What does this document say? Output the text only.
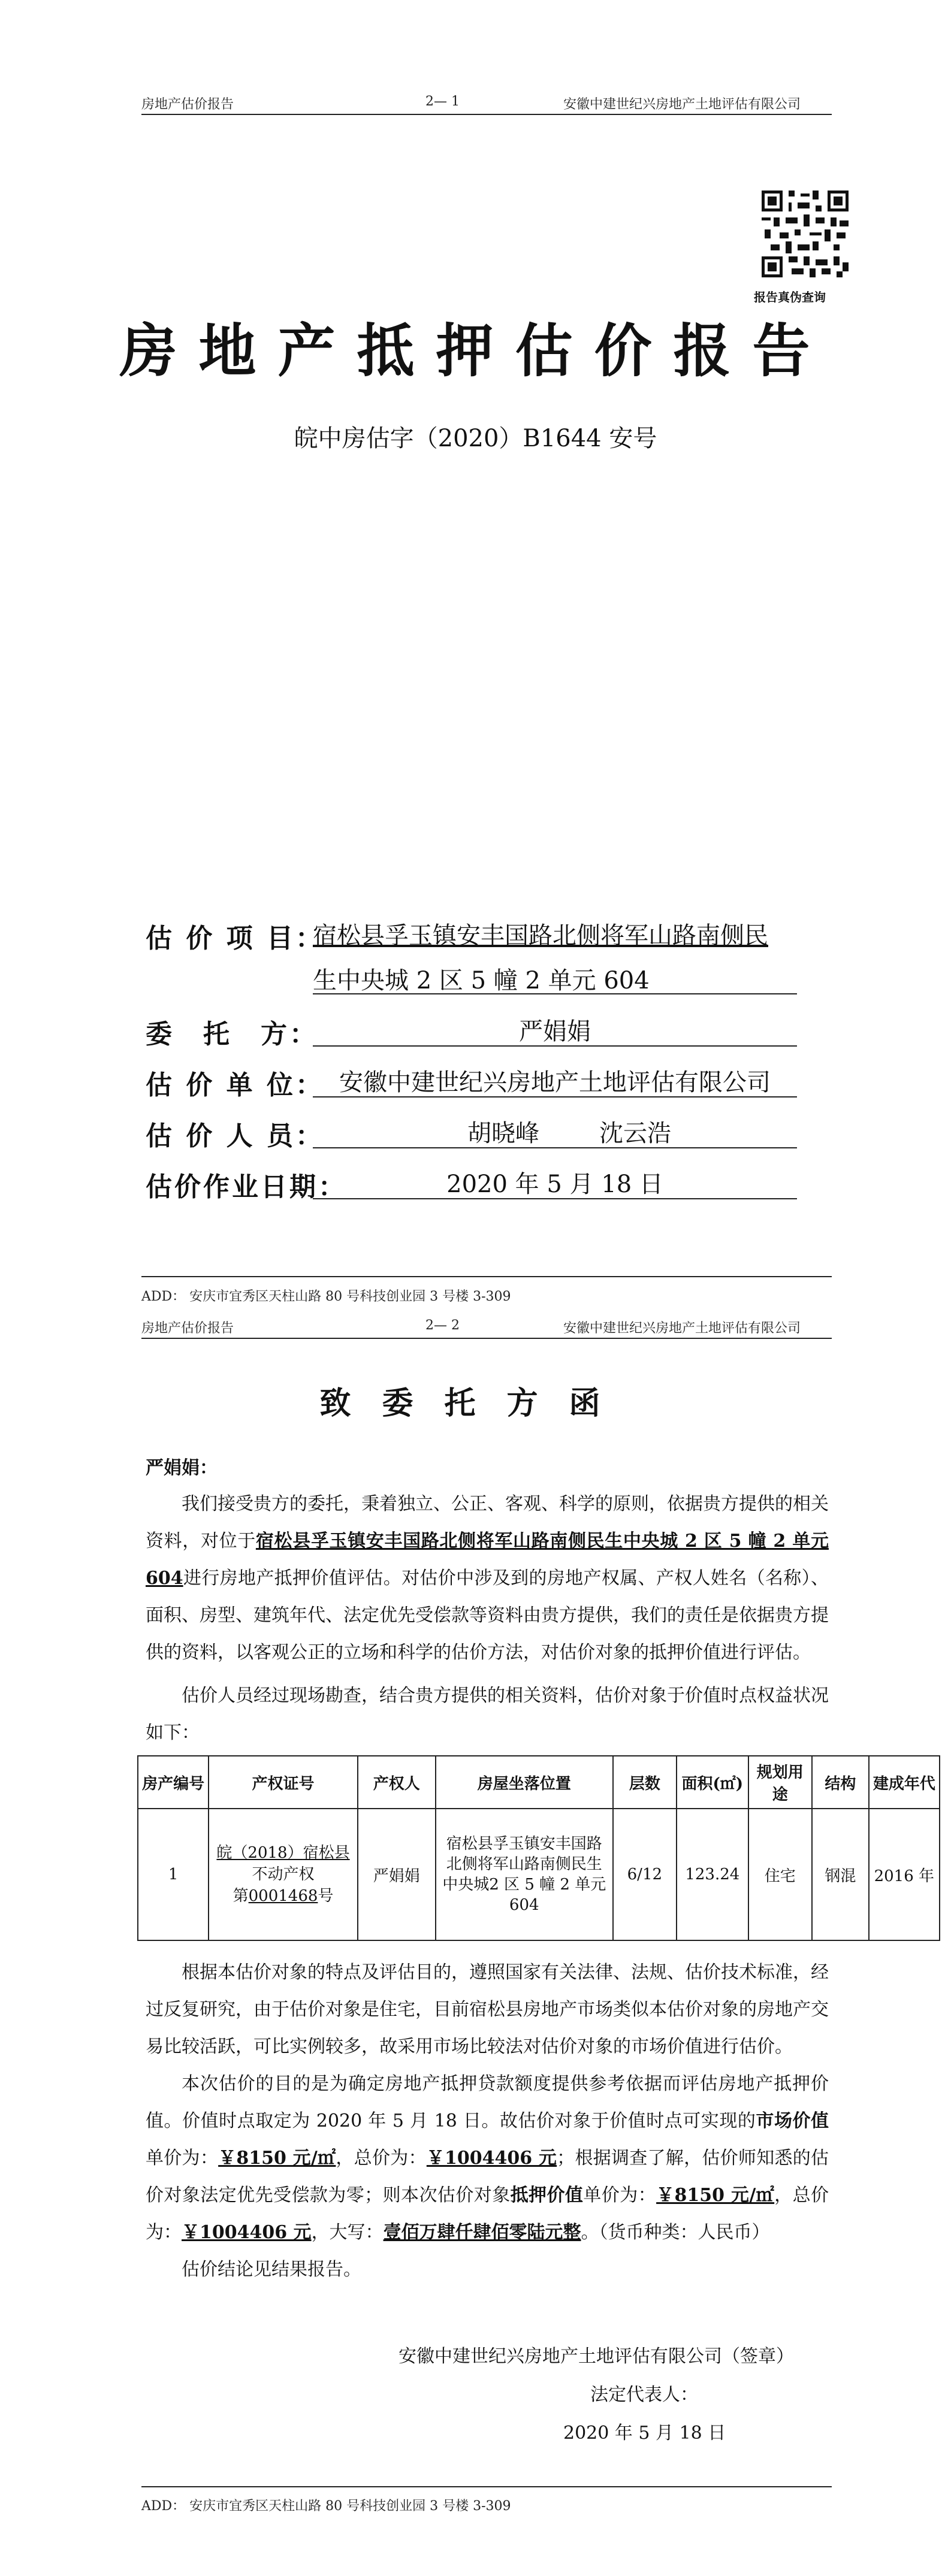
房地产估价报告	2— 1	安徽中建世纪兴房地产土地评估有限公司
报告真伪查询
房地产抵押估价报告
皖中房估字（2020）B1644 安号
估 价 项 目：
宿松县孚玉镇安丰国路北侧将军山路南侧民
生中央城 2 区 5 幢 2 单元 604
委　托　方：	严娟娟
估 价 单 位： 安徽中建世纪兴房地产土地评估有限公司
估 价 人 员：	胡晓峰	沈云浩
估价作业日期：	2020 年 5 月 18 日
ADD： 安庆市宜秀区天柱山路 80 号科技创业园 3 号楼 3-309
房地产估价报告	2— 2	安徽中建世纪兴房地产土地评估有限公司
致委托方函
严娟娟：
我们接受贵方的委托，秉着独立、公正、客观、科学的原则，依据贵方提供的相关资料，对位于宿松县孚玉镇安丰国路北侧将军山路南侧民生中央城 2 区 5 幢 2 单元 604进行房地产抵押价值评估。对估价中涉及到的房地产权属、产权人姓名（名称）、面积、房型、建筑年代、法定优先受偿款等资料由贵方提供，我们的责任是依据贵方提供的资料，以客观公正的立场和科学的估价方法，对估价对象的抵押价值进行评估。
估价人员经过现场勘查，结合贵方提供的相关资料，估价对象于价值时点权益状况如下：
房产编号	产权证号	产权人	房屋坐落位置	层数	面积(㎡)	规划用途	结构	建成年代
1	皖（2018）宿松县
不动产权
第0001468号	严娟娟	宿松县孚玉镇安丰国路北侧将军山路南侧民生中央城2 区 5 幢 2 单元 604	6/12	123.24	住宅	钢混	2016 年
根据本估价对象的特点及评估目的，遵照国家有关法律、法规、估价技术标准，经过反复研究，由于估价对象是住宅，目前宿松县房地产市场类似本估价对象的房地产交易比较活跃，可比实例较多，故采用市场比较法对估价对象的市场价值进行估价。
本次估价的目的是为确定房地产抵押贷款额度提供参考依据而评估房地产抵押价值。价值时点取定为 2020 年 5 月 18 日。故估价对象于价值时点可实现的市场价值单价为：￥8150 元/㎡，总价为：￥1004406 元；根据调查了解，估价师知悉的估价对象法定优先受偿款为零；则本次估价对象抵押价值单价为：￥8150 元/㎡，总价为：￥1004406 元，大写：壹佰万肆仟肆佰零陆元整。（货币种类：人民币）
估价结论见结果报告。
安徽中建世纪兴房地产土地评估有限公司（签章）
法定代表人：
2020 年 5 月 18 日
ADD： 安庆市宜秀区天柱山路 80 号科技创业园 3 号楼 3-309
